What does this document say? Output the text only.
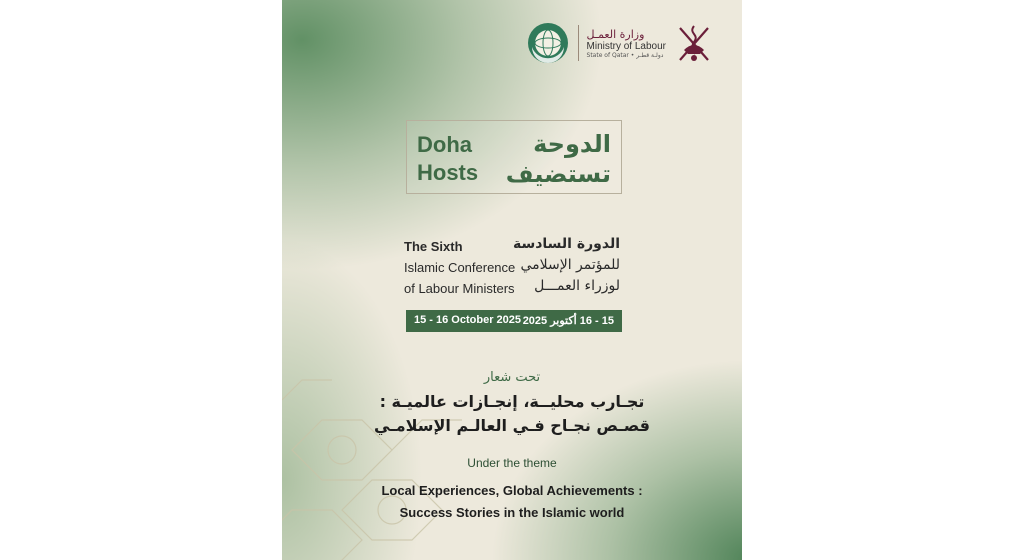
وزارة العمـل
Ministry of Labour
State of Qatar • دولـة قطـر
Doha
Hosts
الدوحة
تستضيف
The Sixth
Islamic Conference
of Labour Ministers
الدورة السادسة
للمؤتمر الإسلامي
لوزراء العمـــل
15 - 16 October 2025 15 - 16 أكتوبر 2025
تحت شعار
تجـارب محليــة، إنجـازات عالميـة :
قصـص نجـاح فـي العالـم الإسلامـي
Under the theme
Local Experiences, Global Achievements :
Success Stories in the Islamic world
